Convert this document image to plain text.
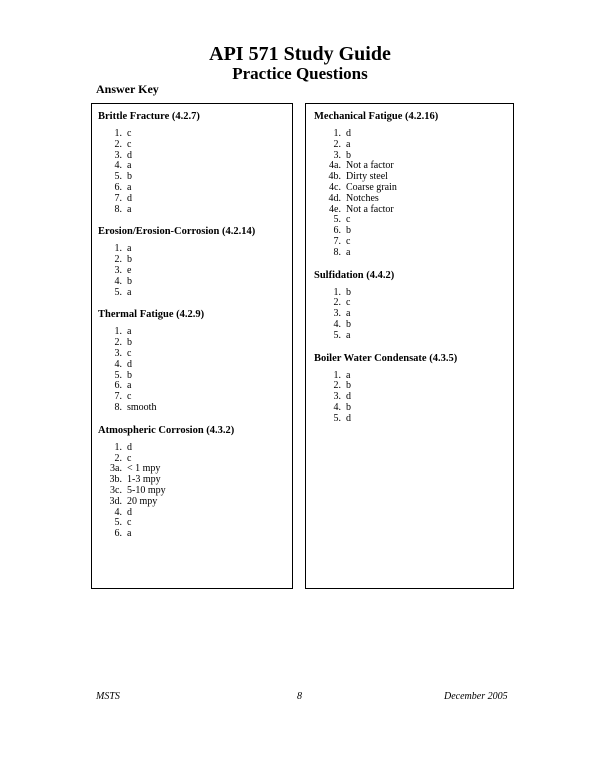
API 571 Study Guide
Practice Questions
Answer Key
Brittle Fracture (4.2.7)
1. c
2. c
3. d
4. a
5. b
6. a
7. d
8. a
Erosion/Erosion-Corrosion (4.2.14)
1. a
2. b
3. e
4. b
5. a
Thermal Fatigue (4.2.9)
1. a
2. b
3. c
4. d
5. b
6. a
7. c
8. smooth
Atmospheric Corrosion (4.3.2)
1. d
2. c
3a. < 1 mpy
3b. 1-3 mpy
3c. 5-10 mpy
3d. 20 mpy
4. d
5. c
6. a
Mechanical Fatigue (4.2.16)
1. d
2. a
3. b
4a. Not a factor
4b. Dirty steel
4c. Coarse grain
4d. Notches
4e. Not a factor
5. c
6. b
7. c
8. a
Sulfidation (4.4.2)
1. b
2. c
3. a
4. b
5. a
Boiler Water Condensate (4.3.5)
1. a
2. b
3. d
4. b
5. d
MSTS	8	December 2005
